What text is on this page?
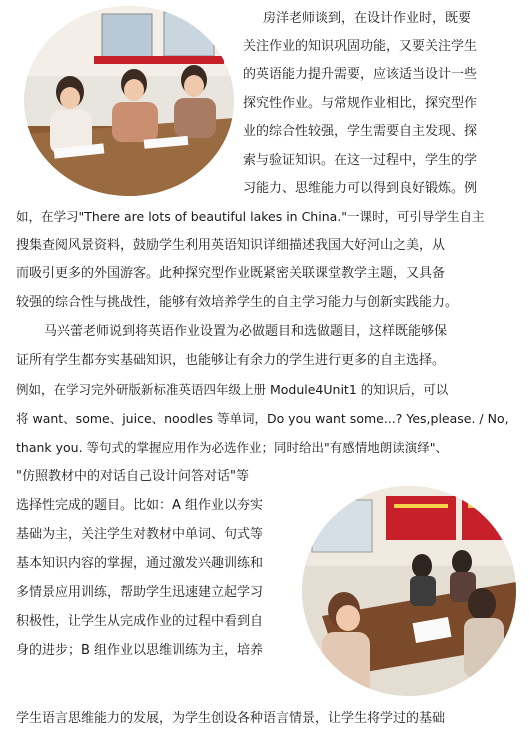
房洋老师谈到，在设计作业时，既要
关注作业的知识巩固功能，又要关注学生
的英语能力提升需要，应该适当设计一些
探究性作业。与常规作业相比，探究型作
业的综合性较强，学生需要自主发现、探
索与验证知识。在这一过程中，学生的学
习能力、思维能力可以得到良好锻炼。例
如，在学习"There are lots of beautiful lakes in China."一课时，可引导学生自主
搜集查阅风景资料，鼓励学生利用英语知识详细描述我国大好河山之美，从
而吸引更多的外国游客。此种探究型作业既紧密关联课堂教学主题，又具备
较强的综合性与挑战性，能够有效培养学生的自主学习能力与创新实践能力。
马兴蕾老师说到将英语作业设置为必做题目和选做题目，这样既能够保
证所有学生都夯实基础知识，也能够让有余力的学生进行更多的自主选择。
例如，在学习完外研版新标准英语四年级上册 Module4Unit1 的知识后，可以
将 want、some、juice、noodles 等单词，Do you want some...? Yes,please. / No,
thank you. 等句式的掌握应用作为必选作业；同时给出"有感情地朗读演绎"、
"仿照教材中的对话自己设计问答对话"等
选择性完成的题目。比如：A 组作业以夯实
基础为主，关注学生对教材中单词、句式等
基本知识内容的掌握，通过激发兴趣训练和
多情景应用训练，帮助学生迅速建立起学习
积极性，让学生从完成作业的过程中看到自
身的进步；B 组作业以思维训练为主，培养
学生语言思维能力的发展，为学生创设各种语言情景，让学生将学过的基础
